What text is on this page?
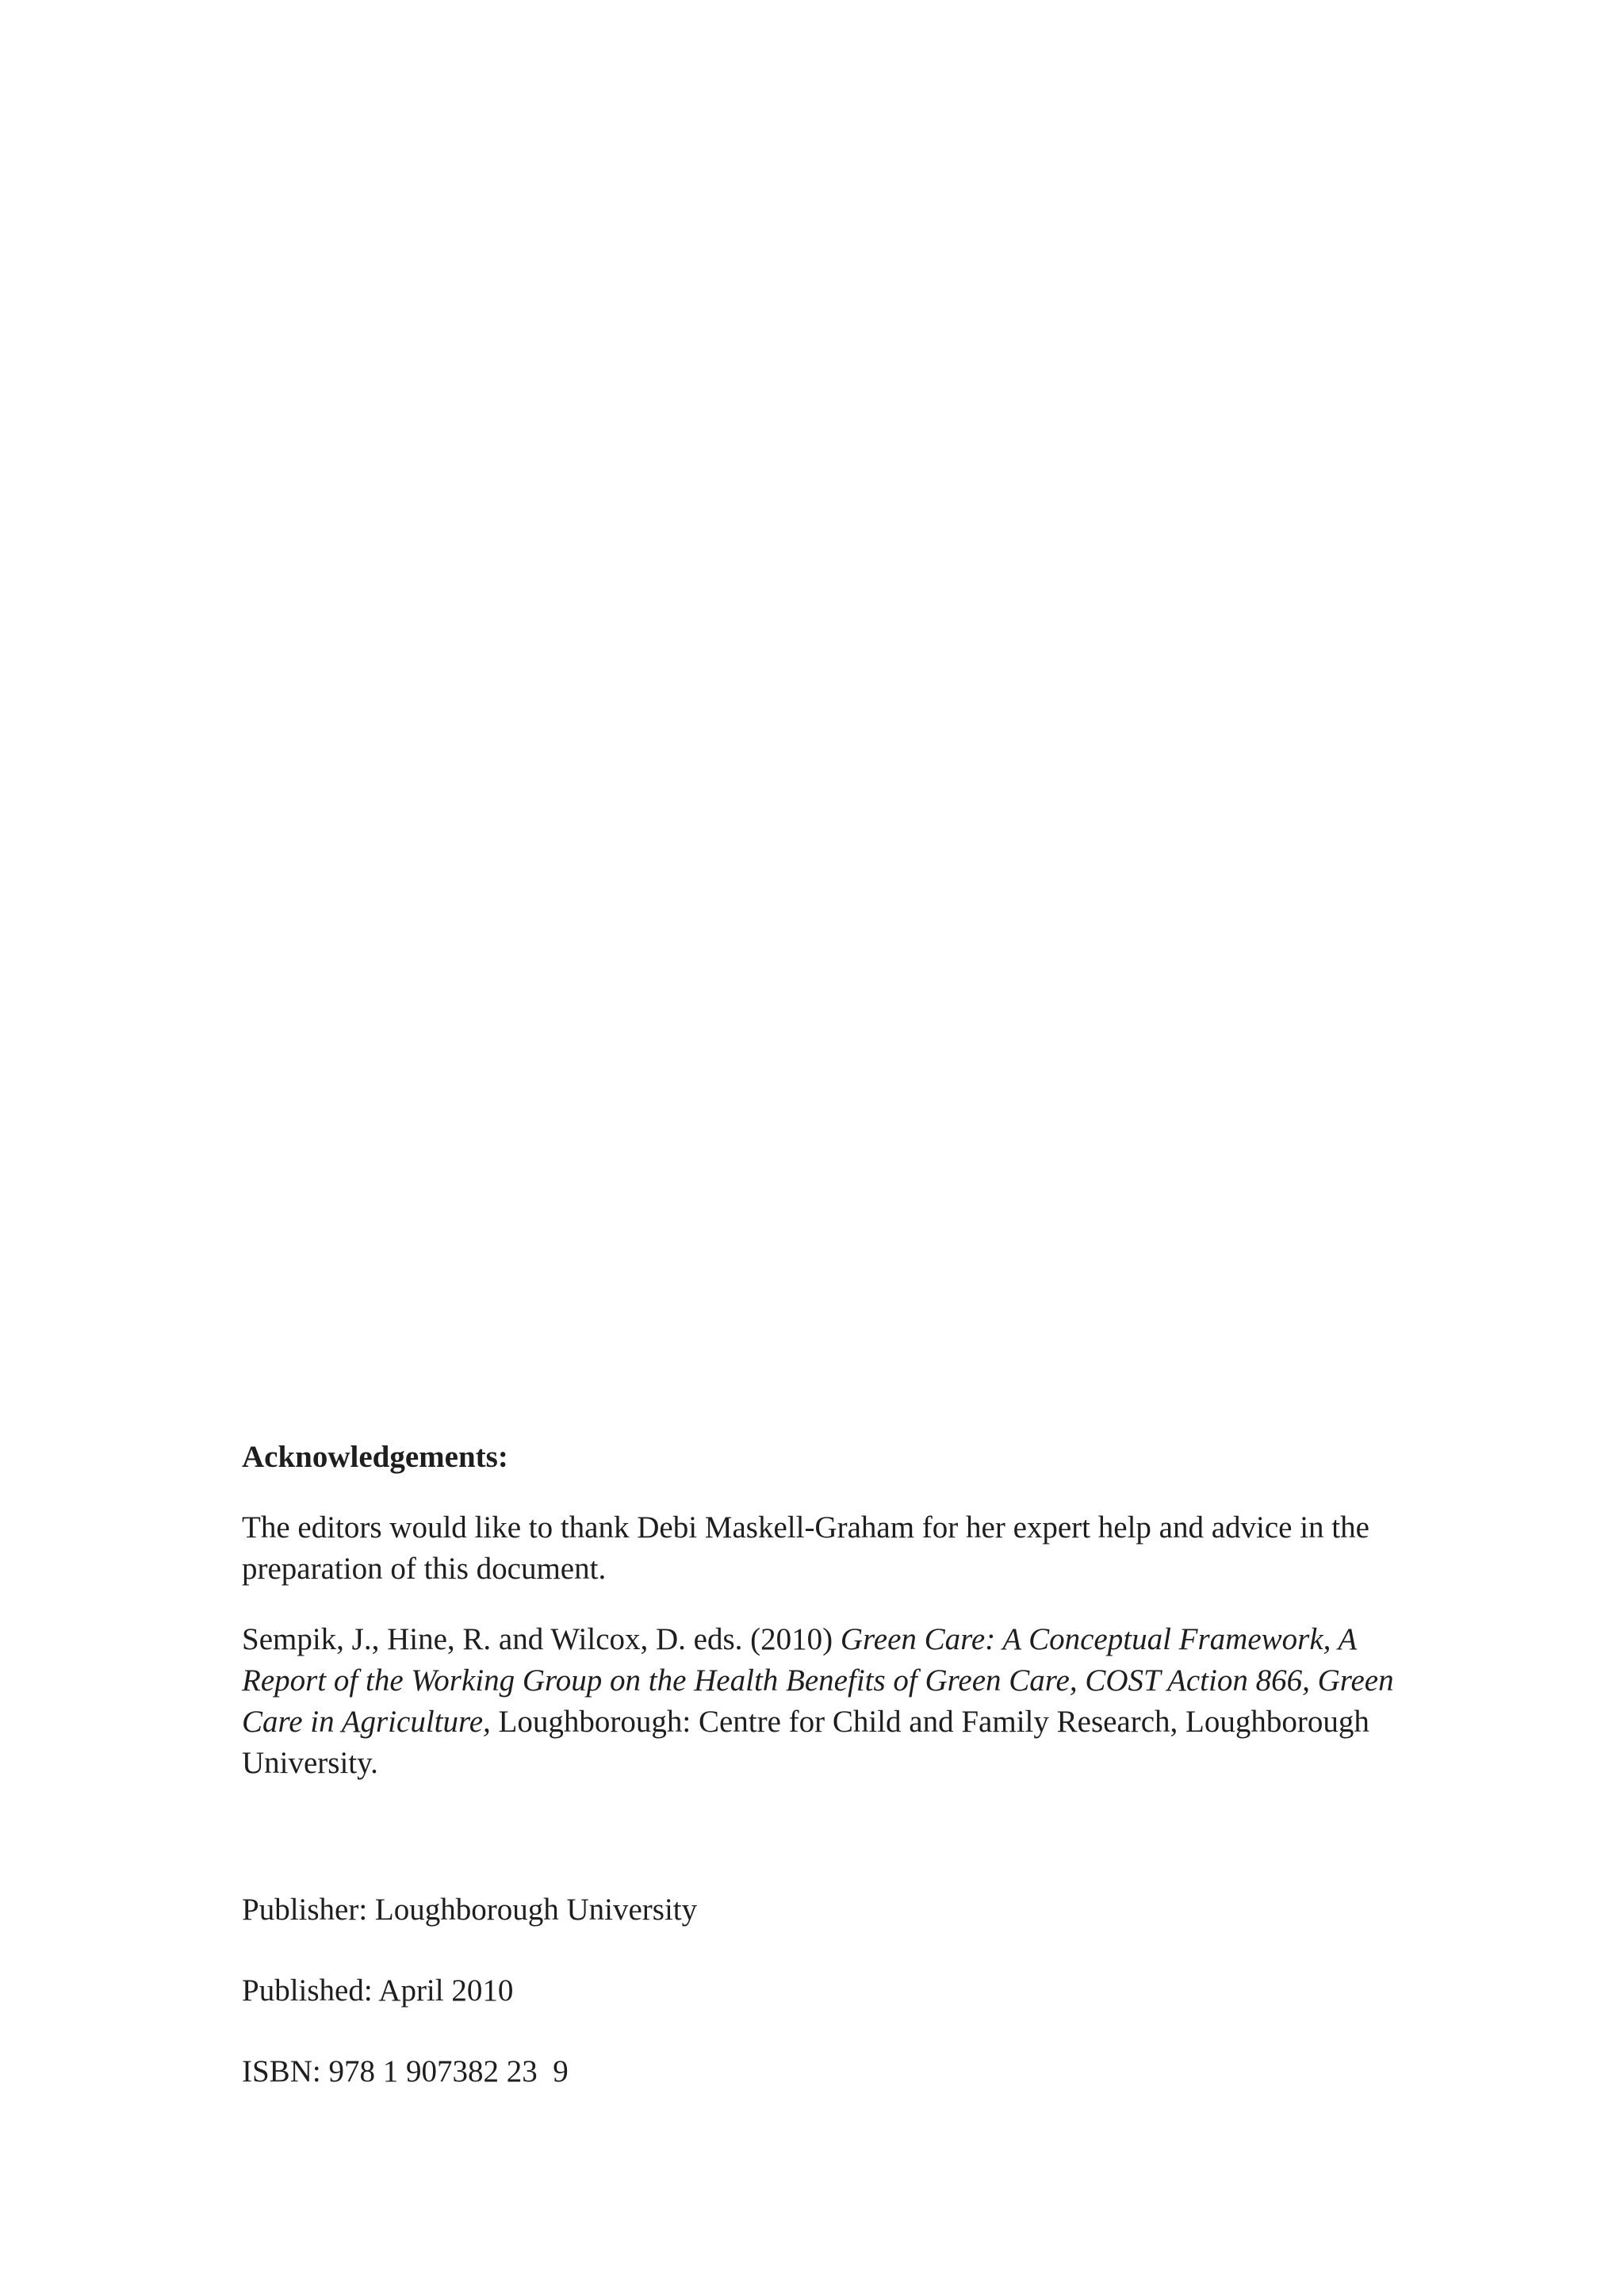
Acknowledgements:
The editors would like to thank Debi Maskell-Graham for her expert help and advice in the preparation of this document.
Sempik, J., Hine, R. and Wilcox, D. eds. (2010) Green Care: A Conceptual Framework, A Report of the Working Group on the Health Benefits of Green Care, COST Action 866, Green Care in Agriculture, Loughborough: Centre for Child and Family Research, Loughborough University.
Publisher: Loughborough University
Published: April 2010
ISBN: 978 1 907382 23  9
